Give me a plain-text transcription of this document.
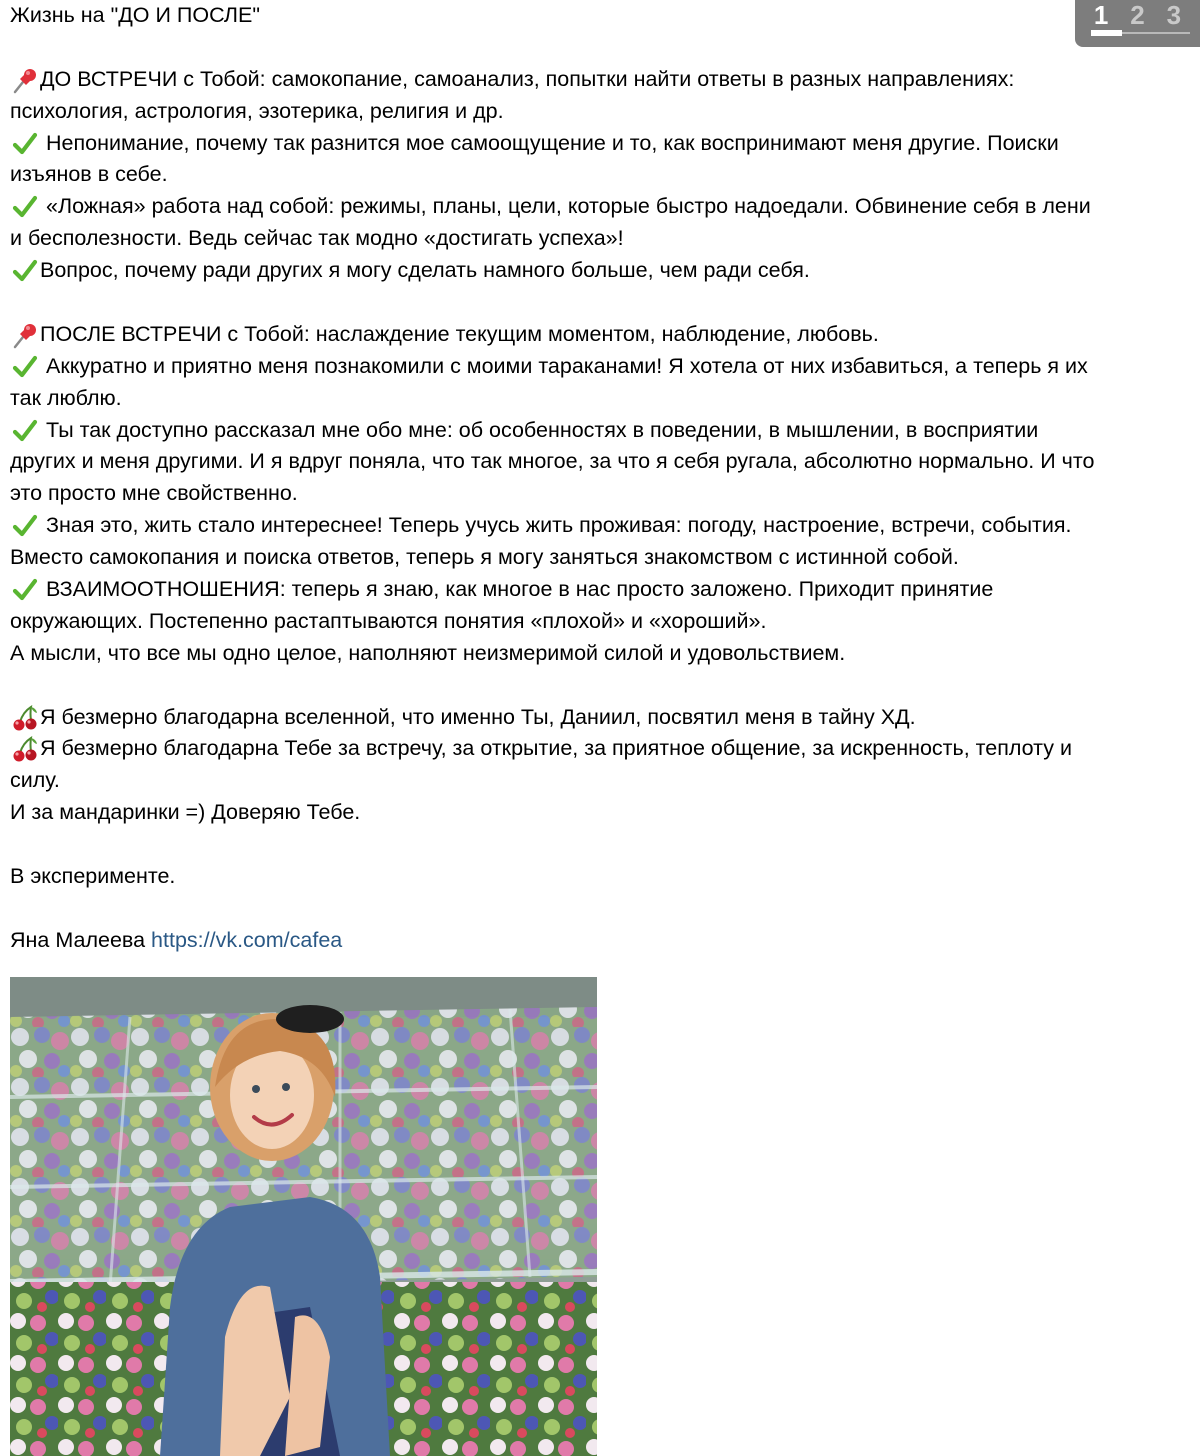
1 2 3
Жизнь на "ДО И ПОСЛЕ"
ДО ВСТРЕЧИ с Тобой: самокопание, самоанализ, попытки найти ответы в разных направлениях:
психология, астрология, эзотерика, религия и др.
Непонимание, почему так разнится мое самоощущение и то, как воспринимают меня другие. Поиски
изъянов в себе.
«Ложная» работа над собой: режимы, планы, цели, которые быстро надоедали. Обвинение себя в лени
и бесполезности. Ведь сейчас так модно «достигать успеха»!
Вопрос, почему ради других я могу сделать намного больше, чем ради себя.
ПОСЛЕ ВСТРЕЧИ с Тобой: наслаждение текущим моментом, наблюдение, любовь.
Аккуратно и приятно меня познакомили с моими тараканами! Я хотела от них избавиться, а теперь я их
так люблю.
Ты так доступно рассказал мне обо мне: об особенностях в поведении, в мышлении, в восприятии
других и меня другими. И я вдруг поняла, что так многое, за что я себя ругала, абсолютно нормально. И что
это просто мне свойственно.
Зная это, жить стало интереснее! Теперь учусь жить проживая: погоду, настроение, встречи, события.
Вместо самокопания и поиска ответов, теперь я могу заняться знакомством с истинной собой.
ВЗАИМООТНОШЕНИЯ: теперь я знаю, как многое в нас просто заложено. Приходит принятие
окружающих. Постепенно растаптываются понятия «плохой» и «хороший».
А мысли, что все мы одно целое, наполняют неизмеримой силой и удовольствием.
Я безмерно благодарна вселенной, что именно Ты, Даниил, посвятил меня в тайну ХД.
Я безмерно благодарна Тебе за встречу, за открытие, за приятное общение, за искренность, теплоту и
силу.
И за мандаринки =) Доверяю Тебе.
В эксперименте.
Яна Малеева https://vk.com/cafea
